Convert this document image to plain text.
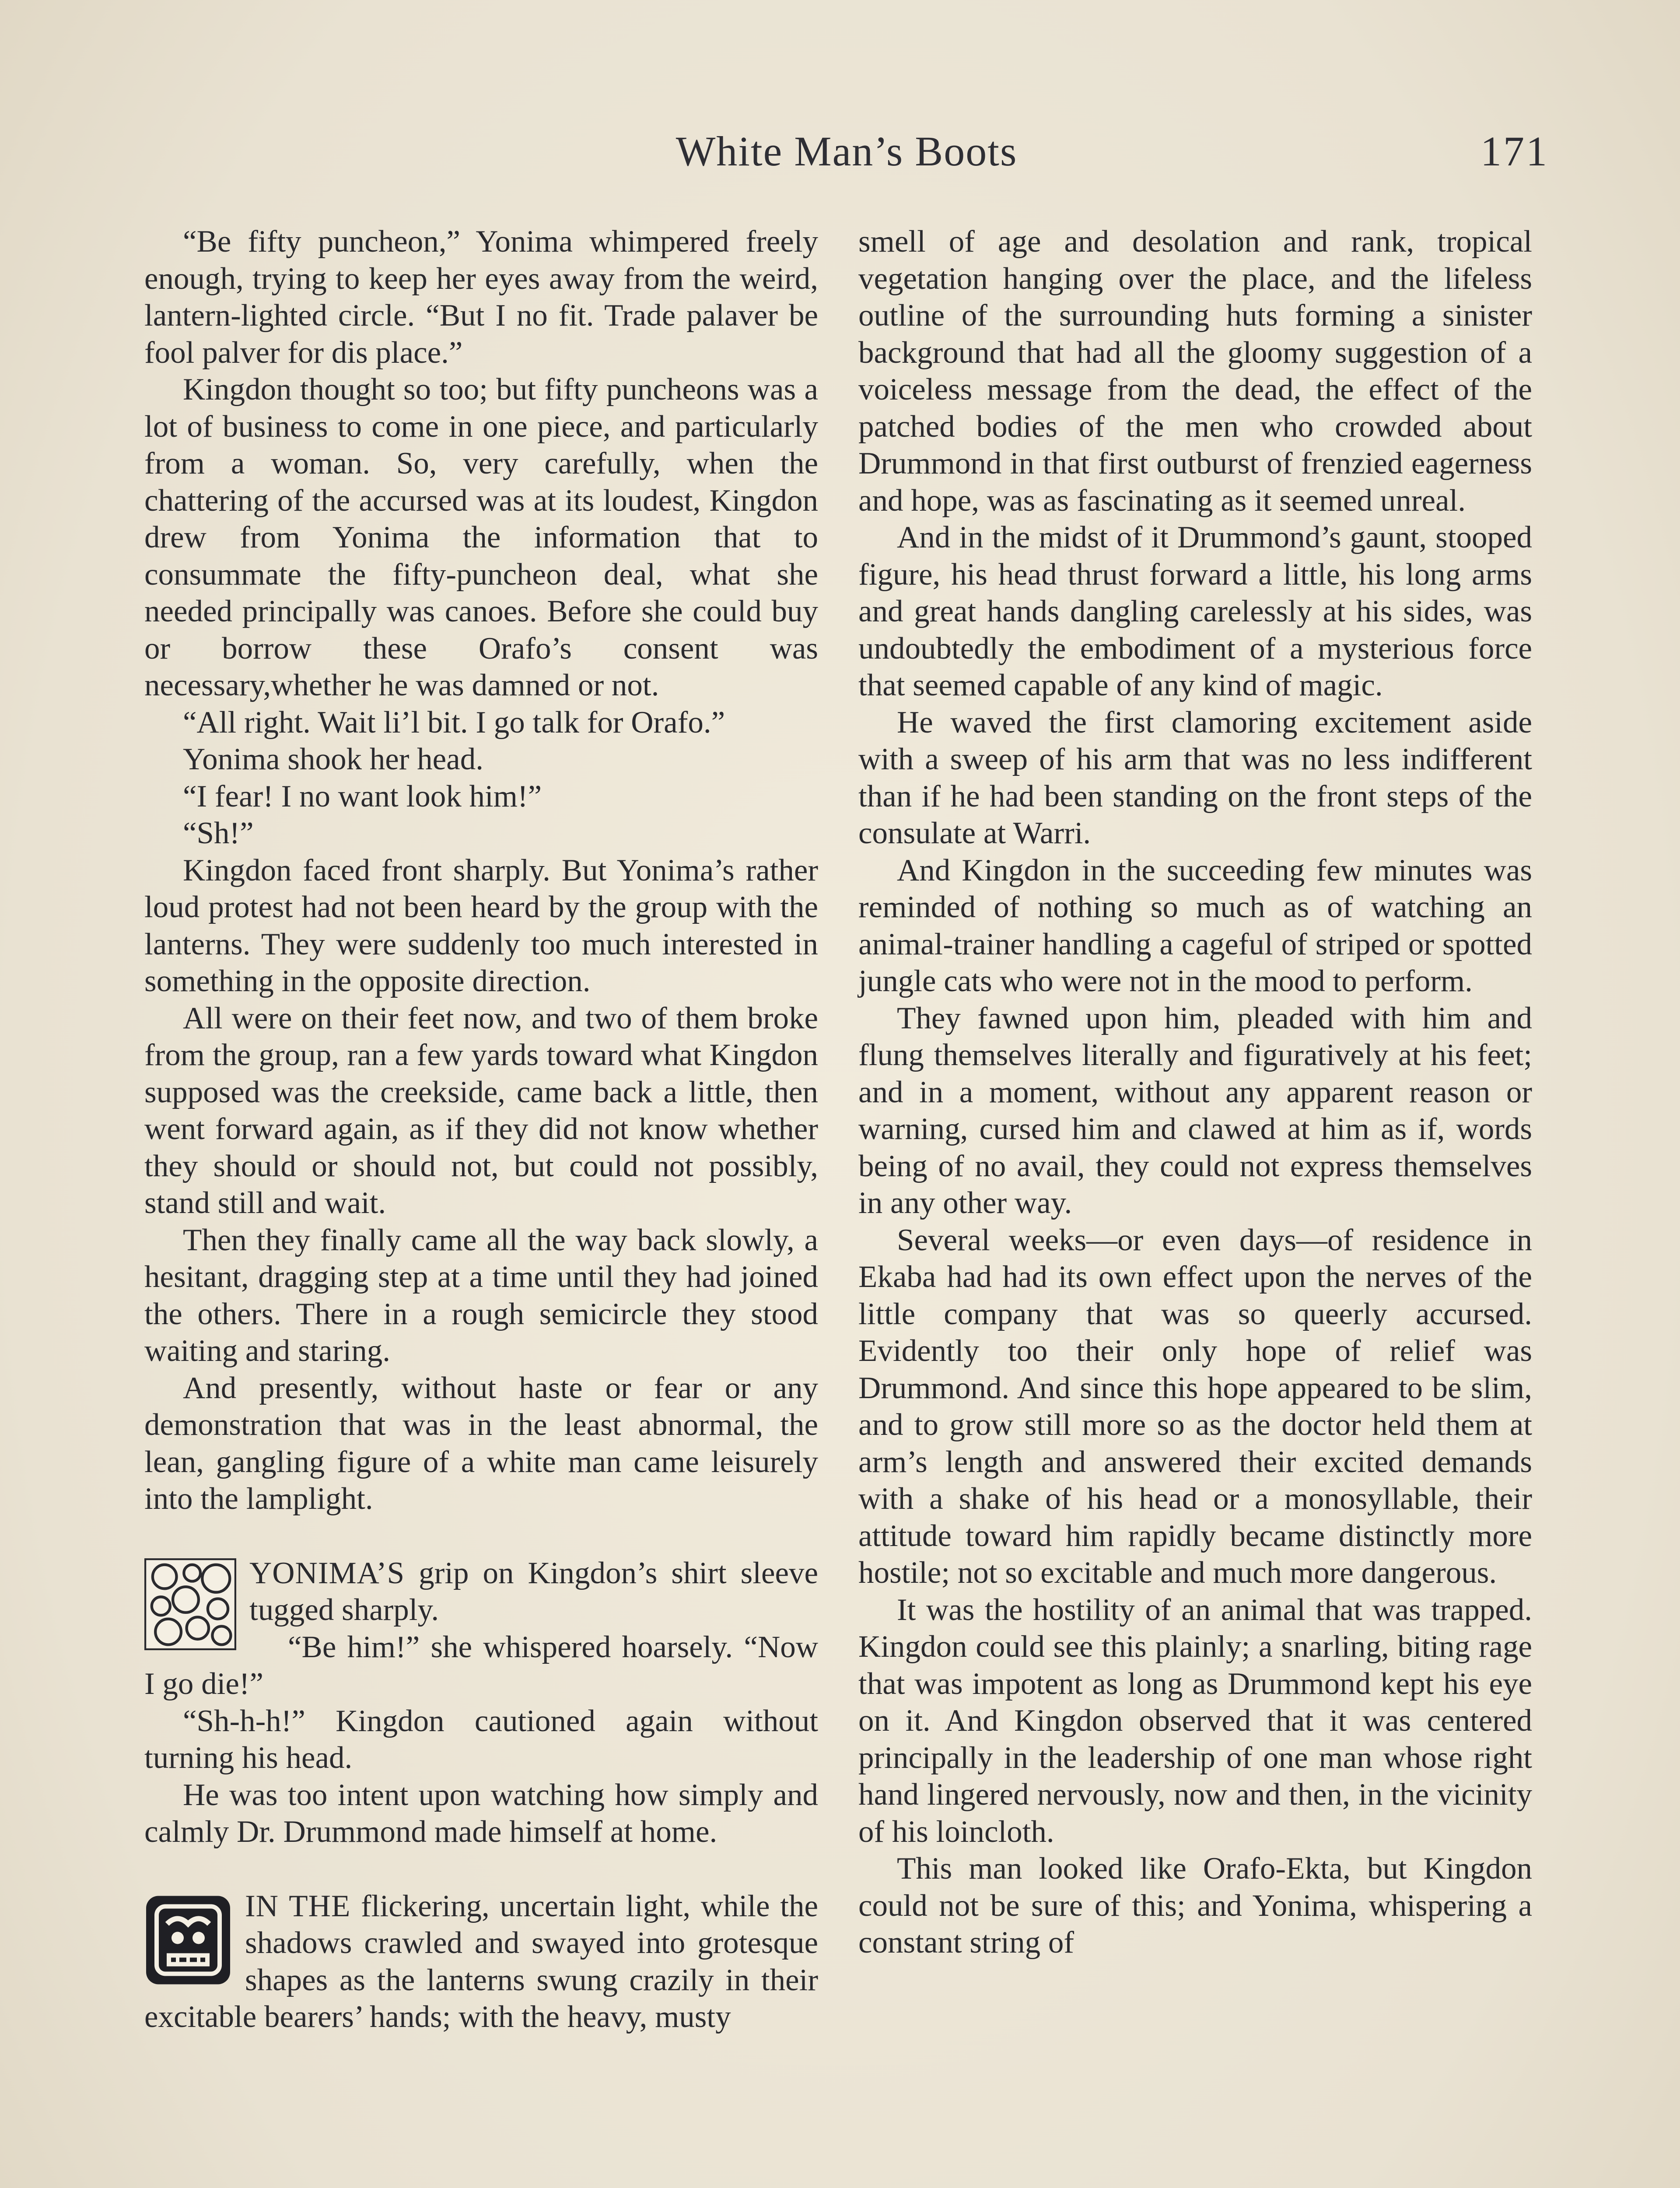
White Man’s Boots	171

“Be fifty puncheon,” Yonima whimpered freely enough, trying to keep her eyes away from the weird, lantern-lighted circle. “But I no fit. Trade palaver be fool palver for dis place.”

Kingdon thought so too; but fifty puncheons was a lot of business to come in one piece, and particularly from a woman. So, very carefully, when the chattering of the accursed was at its loudest, Kingdon drew from Yonima the information that to consummate the fifty-puncheon deal, what she needed principally was canoes. Before she could buy or borrow these Orafo’s consent was necessary,whether he was damned or not.

“All right. Wait li’l bit. I go talk for Orafo.”

Yonima shook her head.

“I fear! I no want look him!”

“Sh!”

Kingdon faced front sharply. But Yonima’s rather loud protest had not been heard by the group with the lanterns. They were suddenly too much interested in something in the opposite direction.

All were on their feet now, and two of them broke from the group, ran a few yards toward what Kingdon supposed was the creekside, came back a little, then went forward again, as if they did not know whether they should or should not, but could not possibly, stand still and wait.

Then they finally came all the way back slowly, a hesitant, dragging step at a time until they had joined the others. There in a rough semicircle they stood waiting and staring.

And presently, without haste or fear or any demonstration that was in the least abnormal, the lean, gangling figure of a white man came leisurely into the lamplight.

YONIMA’S grip on Kingdon’s shirt sleeve tugged sharply.

“Be him!” she whispered hoarsely. “Now I go die!”

“Sh-h-h!” Kingdon cautioned again without turning his head.

He was too intent upon watching how simply and calmly Dr. Drummond made himself at home.

IN THE flickering, uncertain light, while the shadows crawled and swayed into grotesque shapes as the lanterns swung crazily in their excitable bearers’ hands; with the heavy, musty

smell of age and desolation and rank, tropical vegetation hanging over the place, and the lifeless outline of the surrounding huts forming a sinister background that had all the gloomy suggestion of a voiceless message from the dead, the effect of the patched bodies of the men who crowded about Drummond in that first outburst of frenzied eagerness and hope, was as fascinating as it seemed unreal.

And in the midst of it Drummond’s gaunt, stooped figure, his head thrust forward a little, his long arms and great hands dangling carelessly at his sides, was undoubtedly the embodiment of a mysterious force that seemed capable of any kind of magic.

He waved the first clamoring excitement aside with a sweep of his arm that was no less indifferent than if he had been standing on the front steps of the consulate at Warri.

And Kingdon in the succeeding few minutes was reminded of nothing so much as of watching an animal-trainer handling a cageful of striped or spotted jungle cats who were not in the mood to perform.

They fawned upon him, pleaded with him and flung themselves literally and figuratively at his feet; and in a moment, without any apparent reason or warning, cursed him and clawed at him as if, words being of no avail, they could not express themselves in any other way.

Several weeks—or even days—of residence in Ekaba had had its own effect upon the nerves of the little company that was so queerly accursed. Evidently too their only hope of relief was Drummond. And since this hope appeared to be slim, and to grow still more so as the doctor held them at arm’s length and answered their excited demands with a shake of his head or a monosyllable, their attitude toward him rapidly became distinctly more hostile; not so excitable and much more dangerous.

It was the hostility of an animal that was trapped. Kingdon could see this plainly; a snarling, biting rage that was impotent as long as Drummond kept his eye on it. And Kingdon observed that it was centered principally in the leadership of one man whose right hand lingered nervously, now and then, in the vicinity of his loincloth.

This man looked like Orafo-Ekta, but Kingdon could not be sure of this; and Yonima, whispering a constant string of
